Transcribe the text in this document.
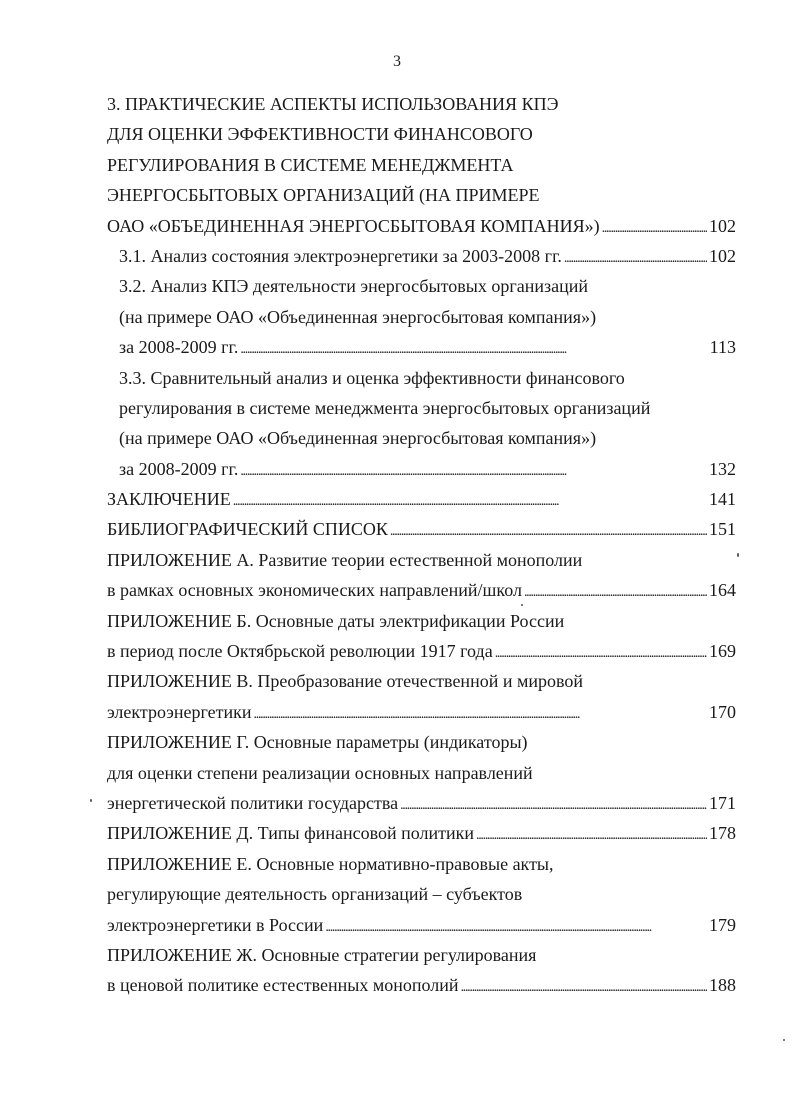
3
3. ПРАКТИЧЕСКИЕ АСПЕКТЫ ИСПОЛЬЗОВАНИЯ КПЭ
ДЛЯ ОЦЕНКИ ЭФФЕКТИВНОСТИ ФИНАНСОВОГО
РЕГУЛИРОВАНИЯ В СИСТЕМЕ МЕНЕДЖМЕНТА
ЭНЕРГОСБЫТОВЫХ ОРГАНИЗАЦИЙ (НА ПРИМЕРЕ
ОАО «ОБЪЕДИНЕННАЯ ЭНЕРГОСБЫТОВАЯ КОМПАНИЯ») . . .	102
3.1. Анализ состояния электроэнергетики за 2003-2008 гг. . . .	102
3.2. Анализ КПЭ деятельности энергосбытовых организаций
(на примере ОАО «Объединенная энергосбытовая компания»)
за 2008-2009 гг. . . .	113
3.3. Сравнительный анализ и оценка эффективности финансового
регулирования в системе менеджмента энергосбытовых организаций
(на примере ОАО «Объединенная энергосбытовая компания»)
за 2008-2009 гг. . . .	132
ЗАКЛЮЧЕНИЕ . . .	141
БИБЛИОГРАФИЧЕСКИЙ СПИСОК . . .	151
ПРИЛОЖЕНИЕ А. Развитие теории естественной монополии
в рамках основных экономических направлений/школ . . .	164
ПРИЛОЖЕНИЕ Б. Основные даты электрификации России
в период после Октябрьской революции 1917 года . . .	169
ПРИЛОЖЕНИЕ В. Преобразование отечественной и мировой
электроэнергетики . . .	170
ПРИЛОЖЕНИЕ Г. Основные параметры (индикаторы)
для оценки степени реализации основных направлений
энергетической политики государства . . .	171
ПРИЛОЖЕНИЕ Д. Типы финансовой политики . . .	178
ПРИЛОЖЕНИЕ Е. Основные нормативно-правовые акты,
регулирующие деятельность организаций – субъектов
электроэнергетики в России . . .	179
ПРИЛОЖЕНИЕ Ж. Основные стратегии регулирования
в ценовой политике естественных монополий . . .	188
